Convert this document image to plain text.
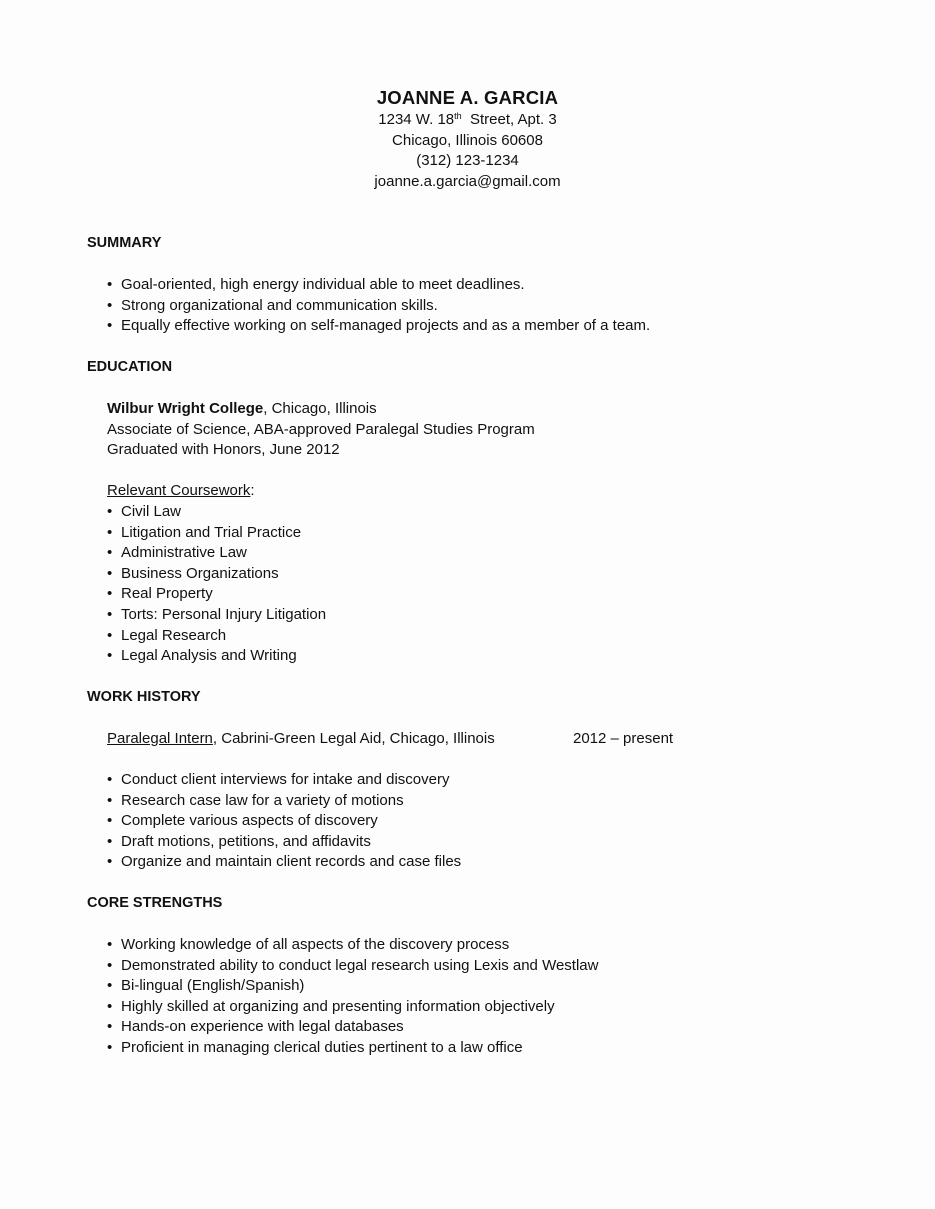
JOANNE A. GARCIA
1234 W. 18th  Street, Apt. 3
Chicago, Illinois 60608
(312) 123-1234
joanne.a.garcia@gmail.com
SUMMARY
• Goal-oriented, high energy individual able to meet deadlines.
• Strong organizational and communication skills.
• Equally effective working on self-managed projects and as a member of a team.
EDUCATION
Wilbur Wright College, Chicago, Illinois
Associate of Science, ABA-approved Paralegal Studies Program
Graduated with Honors, June 2012
Relevant Coursework:
• Civil Law
• Litigation and Trial Practice
• Administrative Law
• Business Organizations
• Real Property
• Torts: Personal Injury Litigation
• Legal Research
• Legal Analysis and Writing
WORK HISTORY
Paralegal Intern, Cabrini-Green Legal Aid, Chicago, Illinois	2012 – present
• Conduct client interviews for intake and discovery
• Research case law for a variety of motions
• Complete various aspects of discovery
• Draft motions, petitions, and affidavits
• Organize and maintain client records and case files
CORE STRENGTHS
• Working knowledge of all aspects of the discovery process
• Demonstrated ability to conduct legal research using Lexis and Westlaw
• Bi-lingual (English/Spanish)
• Highly skilled at organizing and presenting information objectively
• Hands-on experience with legal databases
• Proficient in managing clerical duties pertinent to a law office
